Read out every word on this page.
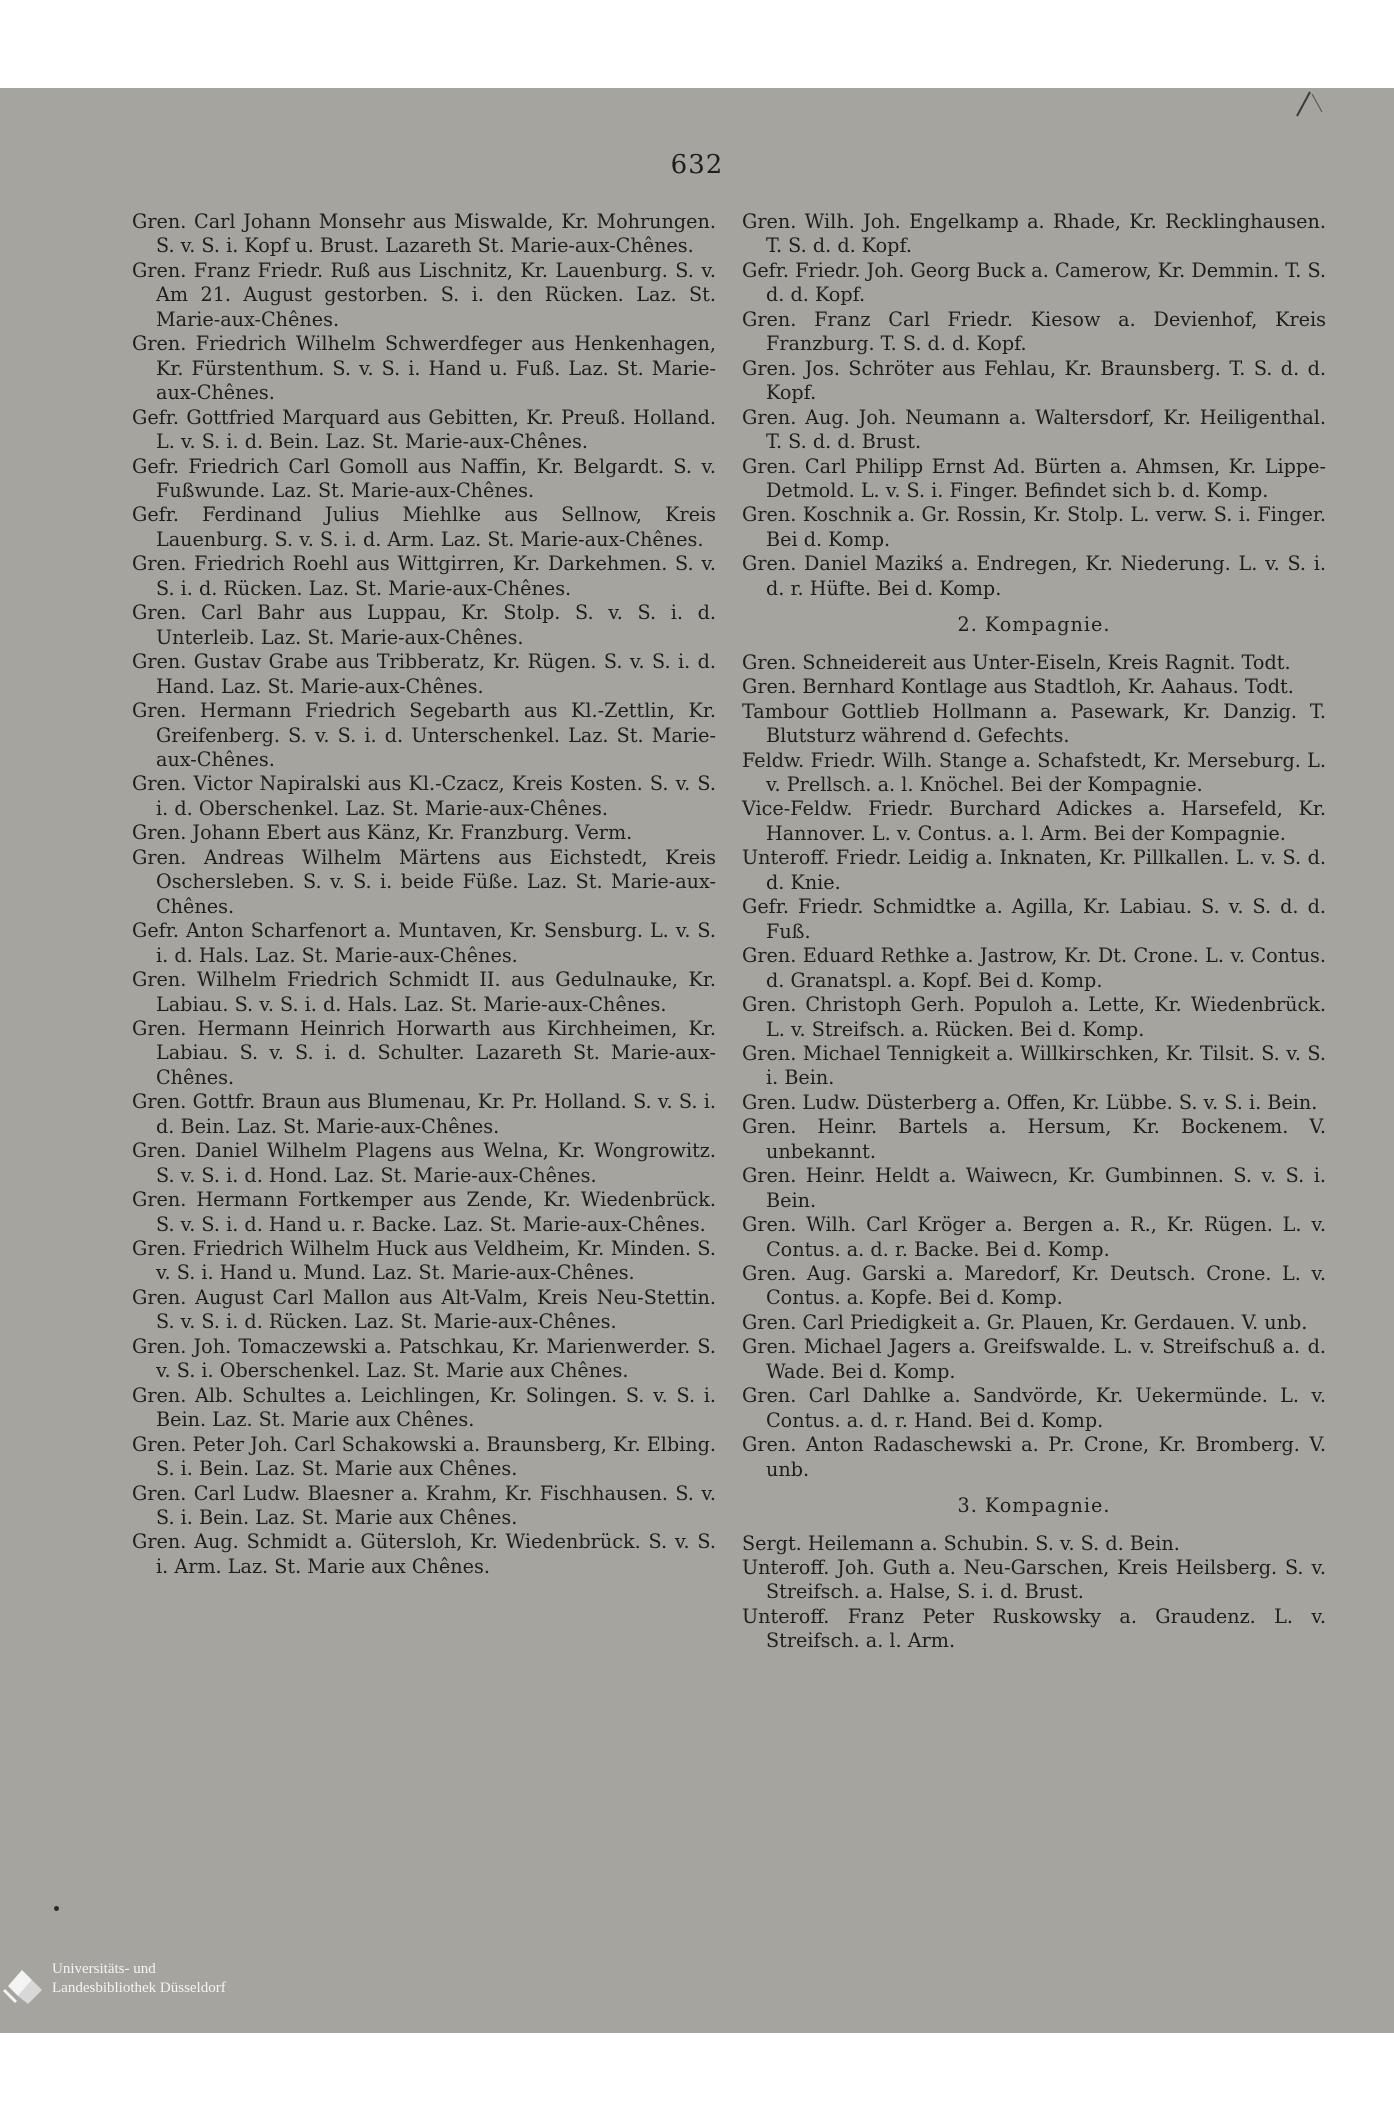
632
Gren. Carl Johann Monsehr aus Miswalde, Kr. Mohrungen. S. v. S. i. Kopf u. Brust. Lazareth St. Marie-aux-Chênes.
Gren. Franz Friedr. Ruß aus Lischnitz, Kr. Lauenburg. S. v. Am 21. August gestorben. S. i. den Rücken. Laz. St. Marie-aux-Chênes.
Gren. Friedrich Wilhelm Schwerdfeger aus Henkenhagen, Kr. Fürstenthum. S. v. S. i. Hand u. Fuß. Laz. St. Marie-aux-Chênes.
Gefr. Gottfried Marquard aus Gebitten, Kr. Preuß. Holland. L. v. S. i. d. Bein. Laz. St. Marie-aux-Chênes.
Gefr. Friedrich Carl Gomoll aus Naffin, Kr. Belgardt. S. v. Fußwunde. Laz. St. Marie-aux-Chênes.
Gefr. Ferdinand Julius Miehlke aus Sellnow, Kreis Lauenburg. S. v. S. i. d. Arm. Laz. St. Marie-aux-Chênes.
Gren. Friedrich Roehl aus Wittgirren, Kr. Darkehmen. S. v. S. i. d. Rücken. Laz. St. Marie-aux-Chênes.
Gren. Carl Bahr aus Luppau, Kr. Stolp. S. v. S. i. d. Unterleib. Laz. St. Marie-aux-Chênes.
Gren. Gustav Grabe aus Tribberatz, Kr. Rügen. S. v. S. i. d. Hand. Laz. St. Marie-aux-Chênes.
Gren. Hermann Friedrich Segebarth aus Kl.-Zettlin, Kr. Greifenberg. S. v. S. i. d. Unterschenkel. Laz. St. Marie-aux-Chênes.
Gren. Victor Napiralski aus Kl.-Czacz, Kreis Kosten. S. v. S. i. d. Oberschenkel. Laz. St. Marie-aux-Chênes.
Gren. Johann Ebert aus Känz, Kr. Franzburg. Verm.
Gren. Andreas Wilhelm Märtens aus Eichstedt, Kreis Oschersleben. S. v. S. i. beide Füße. Laz. St. Marie-aux-Chênes.
Gefr. Anton Scharfenort a. Muntaven, Kr. Sensburg. L. v. S. i. d. Hals. Laz. St. Marie-aux-Chênes.
Gren. Wilhelm Friedrich Schmidt II. aus Gedulnauke, Kr. Labiau. S. v. S. i. d. Hals. Laz. St. Marie-aux-Chênes.
Gren. Hermann Heinrich Horwarth aus Kirchheimen, Kr. Labiau. S. v. S. i. d. Schulter. Lazareth St. Marie-aux-Chênes.
Gren. Gottfr. Braun aus Blumenau, Kr. Pr. Holland. S. v. S. i. d. Bein. Laz. St. Marie-aux-Chênes.
Gren. Daniel Wilhelm Plagens aus Welna, Kr. Wongrowitz. S. v. S. i. d. Hond. Laz. St. Marie-aux-Chênes.
Gren. Hermann Fortkemper aus Zende, Kr. Wiedenbrück. S. v. S. i. d. Hand u. r. Backe. Laz. St. Marie-aux-Chênes.
Gren. Friedrich Wilhelm Huck aus Veldheim, Kr. Minden. S. v. S. i. Hand u. Mund. Laz. St. Marie-aux-Chênes.
Gren. August Carl Mallon aus Alt-Valm, Kreis Neu-Stettin. S. v. S. i. d. Rücken. Laz. St. Marie-aux-Chênes.
Gren. Joh. Tomaczewski a. Patschkau, Kr. Marienwerder. S. v. S. i. Oberschenkel. Laz. St. Marie aux Chênes.
Gren. Alb. Schultes a. Leichlingen, Kr. Solingen. S. v. S. i. Bein. Laz. St. Marie aux Chênes.
Gren. Peter Joh. Carl Schakowski a. Braunsberg, Kr. Elbing. S. i. Bein. Laz. St. Marie aux Chênes.
Gren. Carl Ludw. Blaesner a. Krahm, Kr. Fischhausen. S. v. S. i. Bein. Laz. St. Marie aux Chênes.
Gren. Aug. Schmidt a. Gütersloh, Kr. Wiedenbrück. S. v. S. i. Arm. Laz. St. Marie aux Chênes.
Gren. Wilh. Joh. Engelkamp a. Rhade, Kr. Recklinghausen. T. S. d. d. Kopf.
Gefr. Friedr. Joh. Georg Buck a. Camerow, Kr. Demmin. T. S. d. d. Kopf.
Gren. Franz Carl Friedr. Kiesow a. Devienhof, Kreis Franzburg. T. S. d. d. Kopf.
Gren. Jos. Schröter aus Fehlau, Kr. Braunsberg. T. S. d. d. Kopf.
Gren. Aug. Joh. Neumann a. Waltersdorf, Kr. Heiligenthal. T. S. d. d. Brust.
Gren. Carl Philipp Ernst Ad. Bürten a. Ahmsen, Kr. Lippe-Detmold. L. v. S. i. Finger. Befindet sich b. d. Komp.
Gren. Koschnik a. Gr. Rossin, Kr. Stolp. L. verw. S. i. Finger. Bei d. Komp.
Gren. Daniel Mazikś a. Endregen, Kr. Niederung. L. v. S. i. d. r. Hüfte. Bei d. Komp.
2. Kompagnie.
Gren. Schneidereit aus Unter-Eiseln, Kreis Ragnit. Todt.
Gren. Bernhard Kontlage aus Stadtloh, Kr. Aahaus. Todt.
Tambour Gottlieb Hollmann a. Pasewark, Kr. Danzig. T. Blutsturz während d. Gefechts.
Feldw. Friedr. Wilh. Stange a. Schafstedt, Kr. Merseburg. L. v. Prellsch. a. l. Knöchel. Bei der Kompagnie.
Vice-Feldw. Friedr. Burchard Adickes a. Harsefeld, Kr. Hannover. L. v. Contus. a. l. Arm. Bei der Kompagnie.
Unteroff. Friedr. Leidig a. Inknaten, Kr. Pillkallen. L. v. S. d. d. Knie.
Gefr. Friedr. Schmidtke a. Agilla, Kr. Labiau. S. v. S. d. d. Fuß.
Gren. Eduard Rethke a. Jastrow, Kr. Dt. Crone. L. v. Contus. d. Granatspl. a. Kopf. Bei d. Komp.
Gren. Christoph Gerh. Populoh a. Lette, Kr. Wiedenbrück. L. v. Streifsch. a. Rücken. Bei d. Komp.
Gren. Michael Tennigkeit a. Willkirschken, Kr. Tilsit. S. v. S. i. Bein.
Gren. Ludw. Düsterberg a. Offen, Kr. Lübbe. S. v. S. i. Bein.
Gren. Heinr. Bartels a. Hersum, Kr. Bockenem. V. unbekannt.
Gren. Heinr. Heldt a. Waiwecn, Kr. Gumbinnen. S. v. S. i. Bein.
Gren. Wilh. Carl Kröger a. Bergen a. R., Kr. Rügen. L. v. Contus. a. d. r. Backe. Bei d. Komp.
Gren. Aug. Garski a. Maredorf, Kr. Deutsch. Crone. L. v. Contus. a. Kopfe. Bei d. Komp.
Gren. Carl Priedigkeit a. Gr. Plauen, Kr. Gerdauen. V. unb.
Gren. Michael Jagers a. Greifswalde. L. v. Streifschuß a. d. Wade. Bei d. Komp.
Gren. Carl Dahlke a. Sandvörde, Kr. Uekermünde. L. v. Contus. a. d. r. Hand. Bei d. Komp.
Gren. Anton Radaschewski a. Pr. Crone, Kr. Bromberg. V. unb.
3. Kompagnie.
Sergt. Heilemann a. Schubin. S. v. S. d. Bein.
Unteroff. Joh. Guth a. Neu-Garschen, Kreis Heilsberg. S. v. Streifsch. a. Halse, S. i. d. Brust.
Unteroff. Franz Peter Ruskowsky a. Graudenz. L. v. Streifsch. a. l. Arm.
Universitäts- und
Landesbibliothek Düsseldorf
